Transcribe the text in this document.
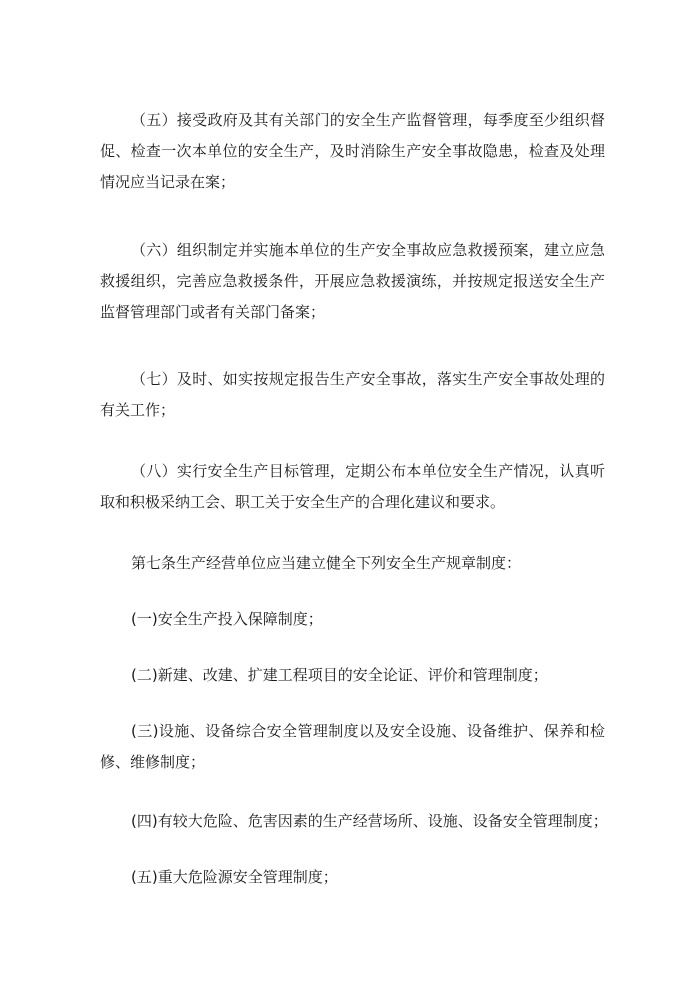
（五）接受政府及其有关部门的安全生产监督管理，每季度至少组织督促、检查一次本单位的安全生产，及时消除生产安全事故隐患，检查及处理情况应当记录在案；

（六）组织制定并实施本单位的生产安全事故应急救援预案，建立应急救援组织，完善应急救援条件，开展应急救援演练，并按规定报送安全生产监督管理部门或者有关部门备案；

（七）及时、如实按规定报告生产安全事故，落实生产安全事故处理的有关工作；

（八）实行安全生产目标管理，定期公布本单位安全生产情况，认真听取和积极采纳工会、职工关于安全生产的合理化建议和要求。

第七条生产经营单位应当建立健全下列安全生产规章制度：

(一)安全生产投入保障制度；

(二)新建、改建、扩建工程项目的安全论证、评价和管理制度；

(三)设施、设备综合安全管理制度以及安全设施、设备维护、保养和检修、维修制度；

(四)有较大危险、危害因素的生产经营场所、设施、设备安全管理制度；

(五)重大危险源安全管理制度；
